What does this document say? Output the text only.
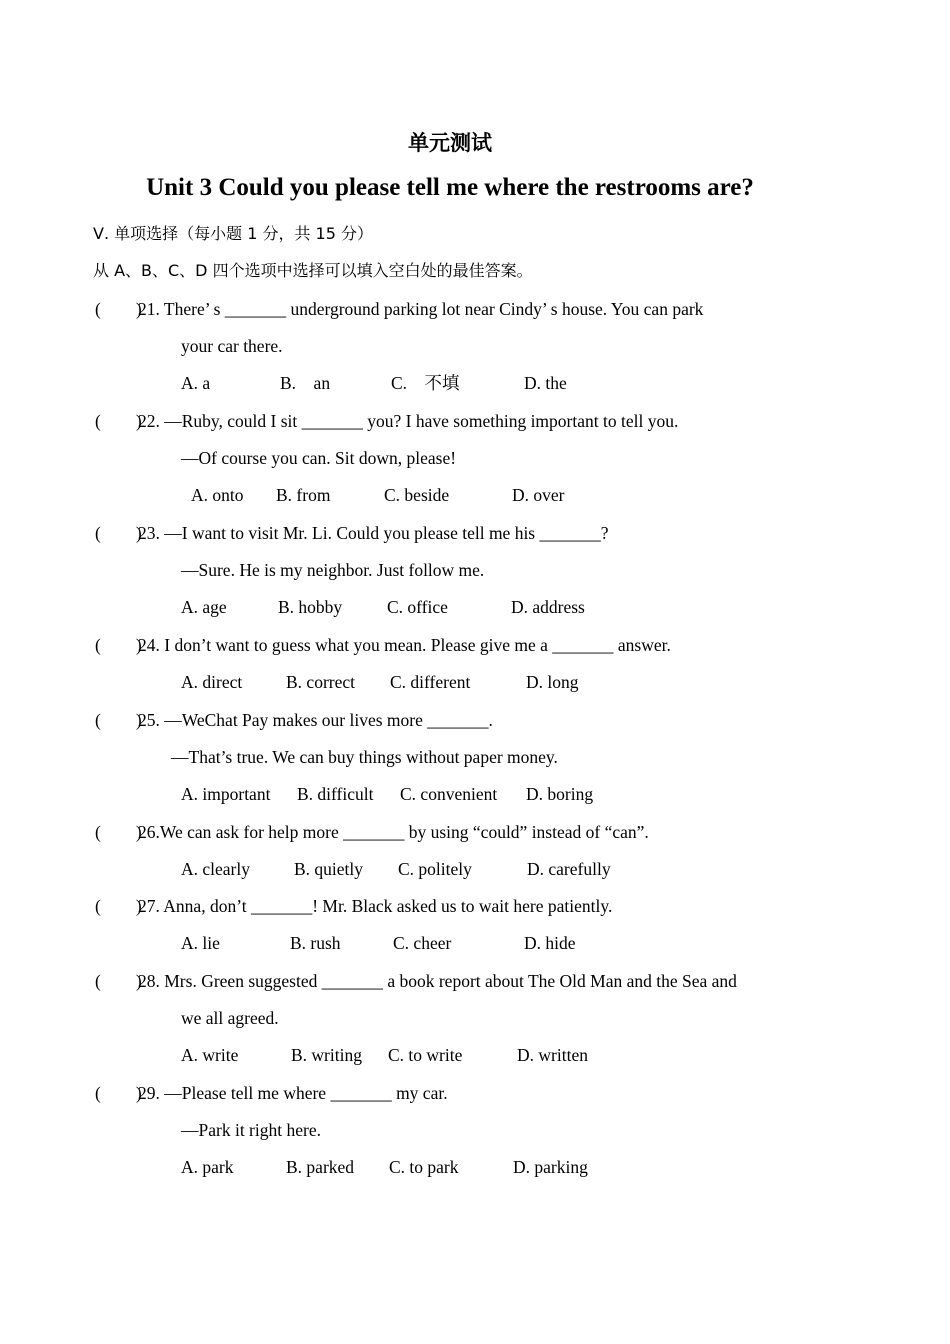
单元测试
Unit 3 Could you please tell me where the restrooms are?
Ⅴ. 单项选择（每小题 1 分，共 15 分）
从 A、B、C、D 四个选项中选择可以填入空白处的最佳答案。
(        )
21. There’ s _______ underground parking lot near Cindy’ s house. You can park
your car there.
A. a	B.    an	C.    不填	D. the
(        )
22. —Ruby, could I sit _______ you? I have something important to tell you.
—Of course you can. Sit down, please!
A. onto B. from	C. beside	D. over
(        )
23. —I want to visit Mr. Li. Could you please tell me his _______?
—Sure. He is my neighbor. Just follow me.
A. age	B. hobby	C. office	D. address
(        )
24. I don’t want to guess what you mean. Please give me a _______ answer.
A. direct	B. correct C. different	D. long
(        )
25. —WeChat Pay makes our lives more _______.
—That’s true. We can buy things without paper money.
A. important B. difficult C. convenient D. boring
(        )
26.We can ask for help more _______ by using “could” instead of “can”.
A. clearly	B. quietly C. politely	D. carefully
(        )
27. Anna, don’t _______! Mr. Black asked us to wait here patiently.
A. lie	B. rush	C. cheer	D. hide
(        )
28. Mrs. Green suggested _______ a book report about The Old Man and the Sea and
we all agreed.
A. write	B. writing C. to write	D. written
(        )
29. —Please tell me where _______ my car.
—Park it right here.
A. park	B. parked C. to park	D. parking
